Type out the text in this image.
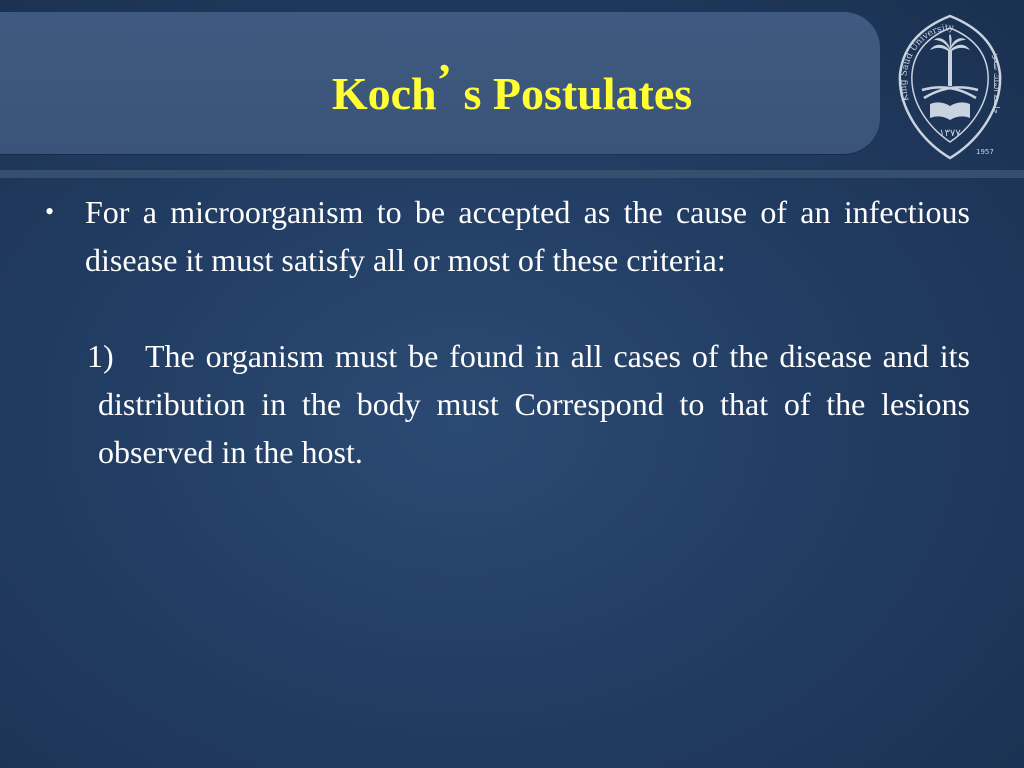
Koch’ s Postulates
١٣٧٧
King Saud University
1957
جامعة الملك سعود
• For a microorganism to be accepted as the cause of an infectious disease it must satisfy all or most of these criteria:
1) The organism must be found in all cases of the disease and its distribution in the body must Correspond to that of the lesions observed in the host.
